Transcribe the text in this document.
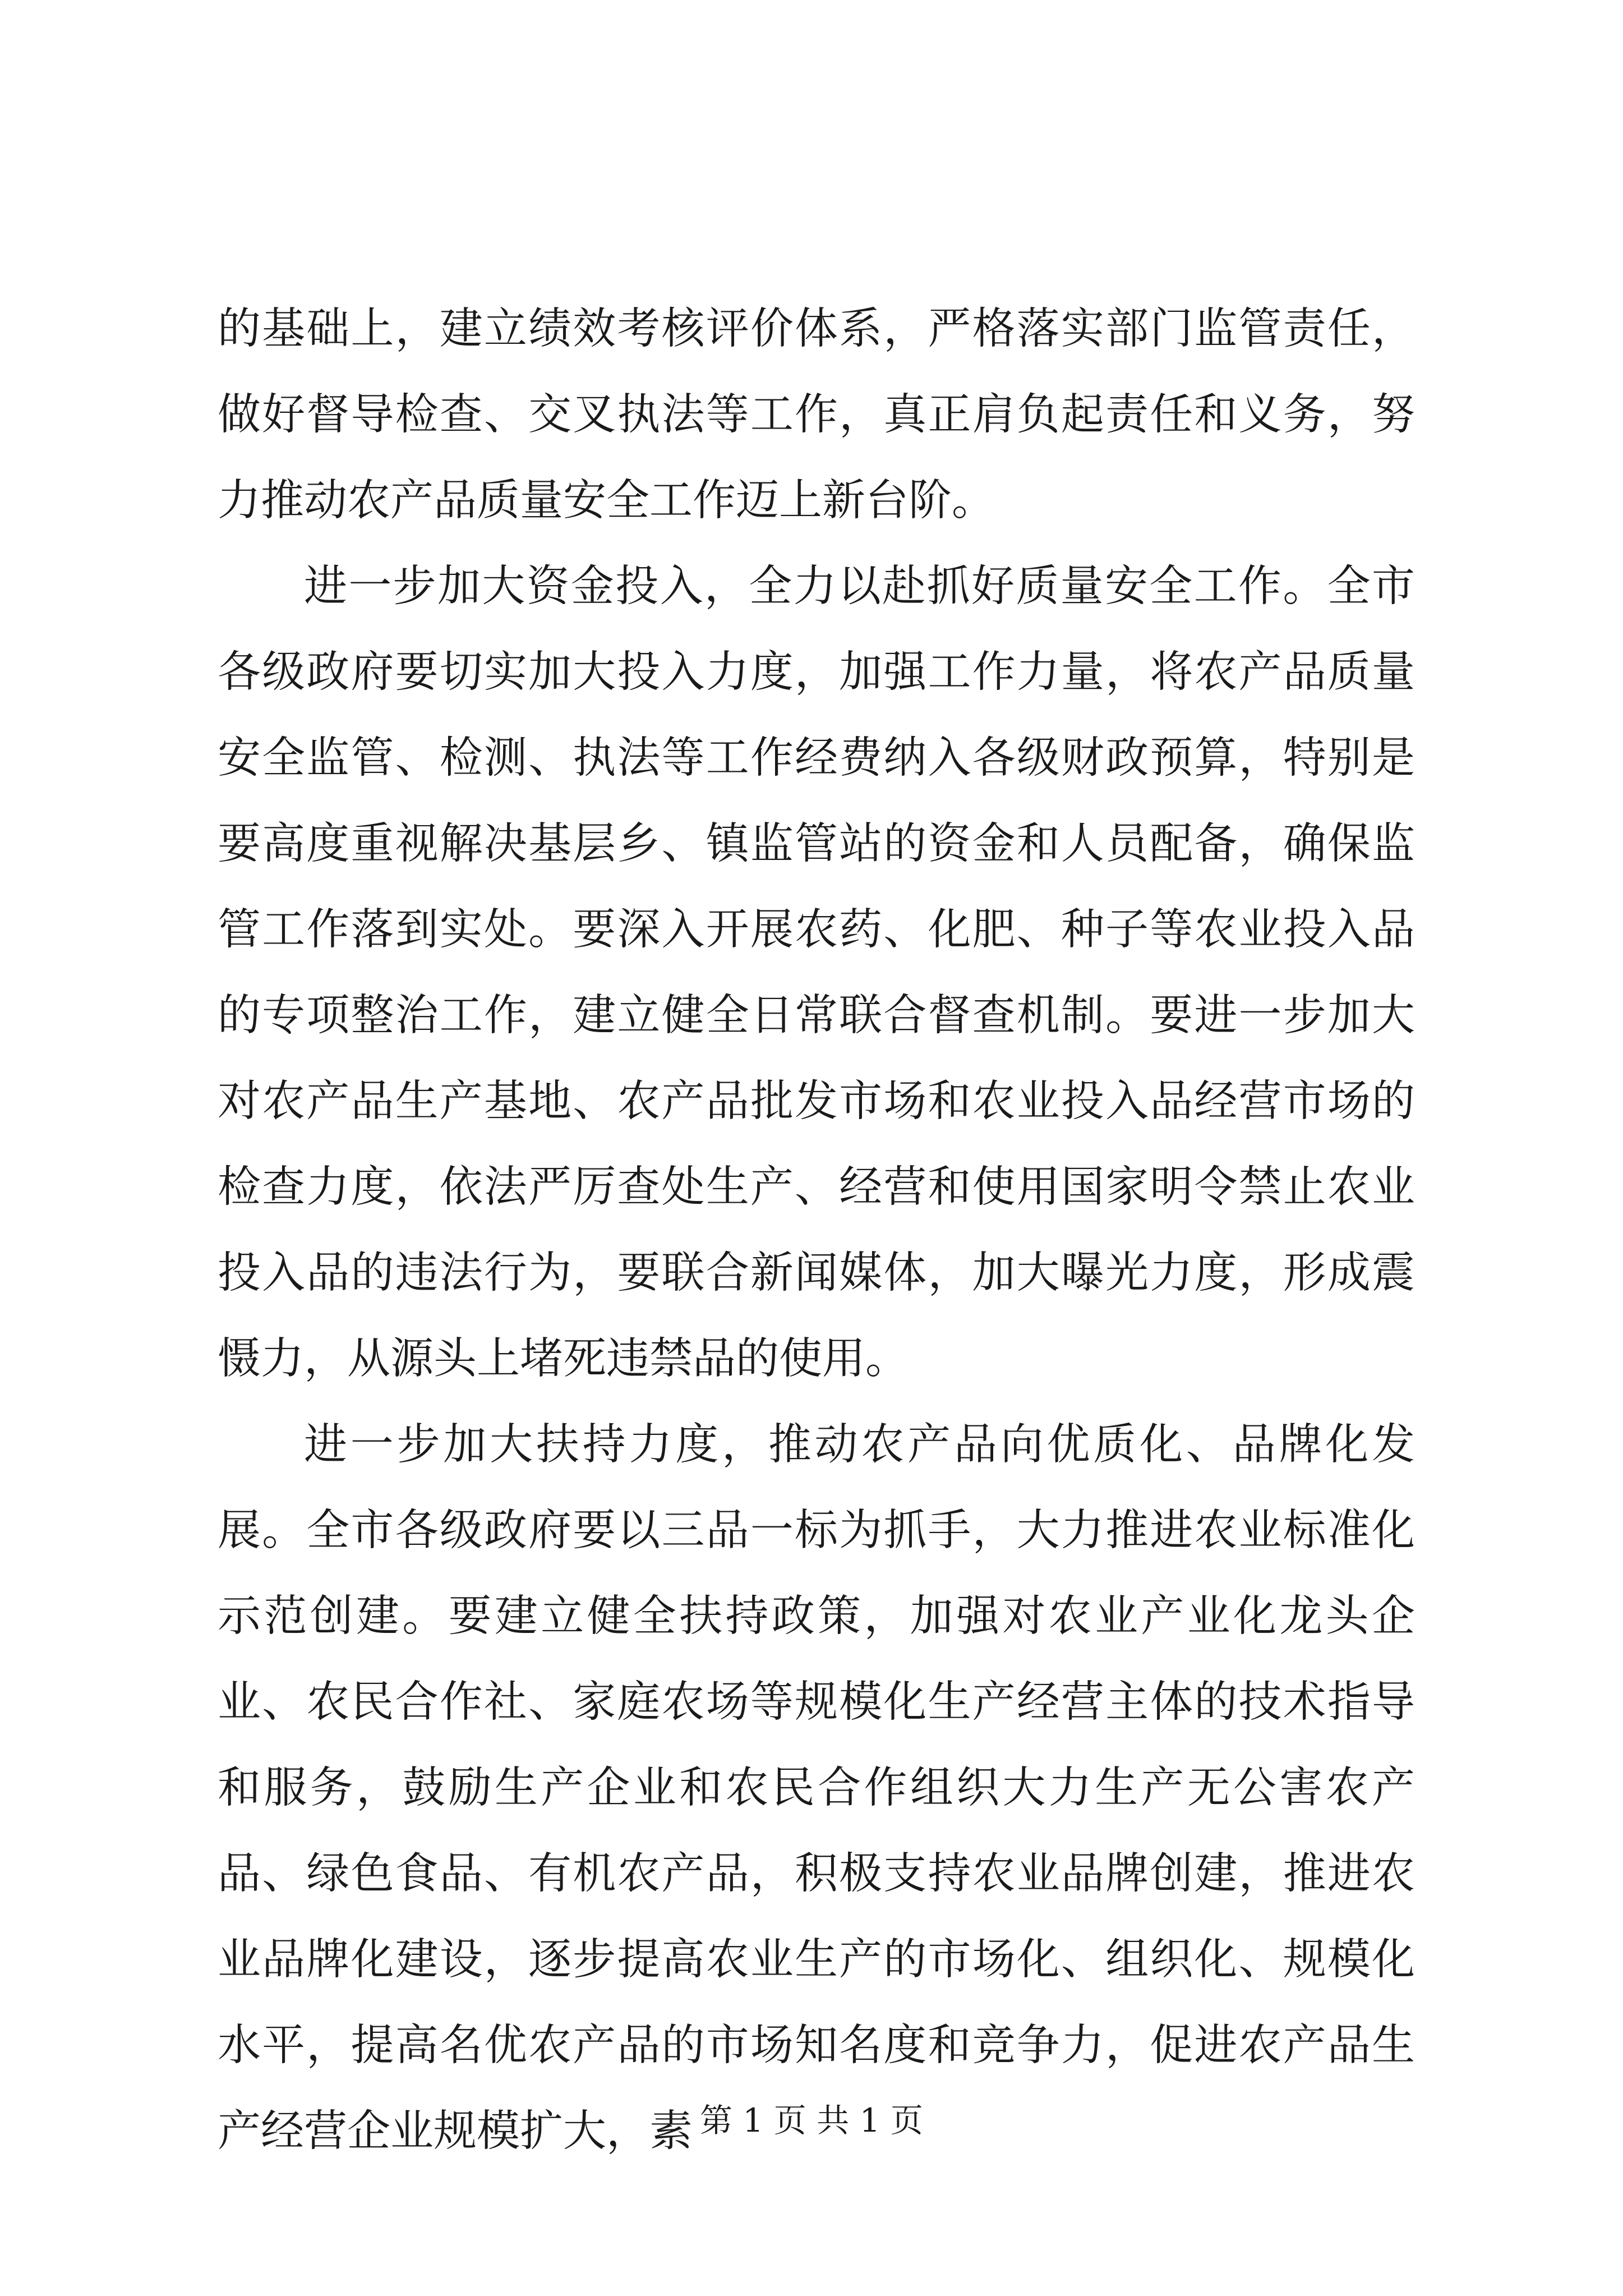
的基础上，建立绩效考核评价体系，严格落实部门监管责任，做好督导检查、交叉执法等工作，真正肩负起责任和义务，努力推动农产品质量安全工作迈上新台阶。

进一步加大资金投入，全力以赴抓好质量安全工作。全市各级政府要切实加大投入力度，加强工作力量，将农产品质量安全监管、检测、执法等工作经费纳入各级财政预算，特别是要高度重视解决基层乡、镇监管站的资金和人员配备，确保监管工作落到实处。要深入开展农药、化肥、种子等农业投入品的专项整治工作，建立健全日常联合督查机制。要进一步加大对农产品生产基地、农产品批发市场和农业投入品经营市场的检查力度，依法严厉查处生产、经营和使用国家明令禁止农业投入品的违法行为，要联合新闻媒体，加大曝光力度，形成震慑力，从源头上堵死违禁品的使用。

进一步加大扶持力度，推动农产品向优质化、品牌化发展。全市各级政府要以三品一标为抓手，大力推进农业标准化示范创建。要建立健全扶持政策，加强对农业产业化龙头企业、农民合作社、家庭农场等规模化生产经营主体的技术指导和服务，鼓励生产企业和农民合作组织大力生产无公害农产品、绿色食品、有机农产品，积极支持农业品牌创建，推进农业品牌化建设，逐步提高农业生产的市场化、组织化、规模化水平，提高名优农产品的市场知名度和竞争力，促进农产品生产经营企业规模扩大，素 第 1 页 共 1 页
